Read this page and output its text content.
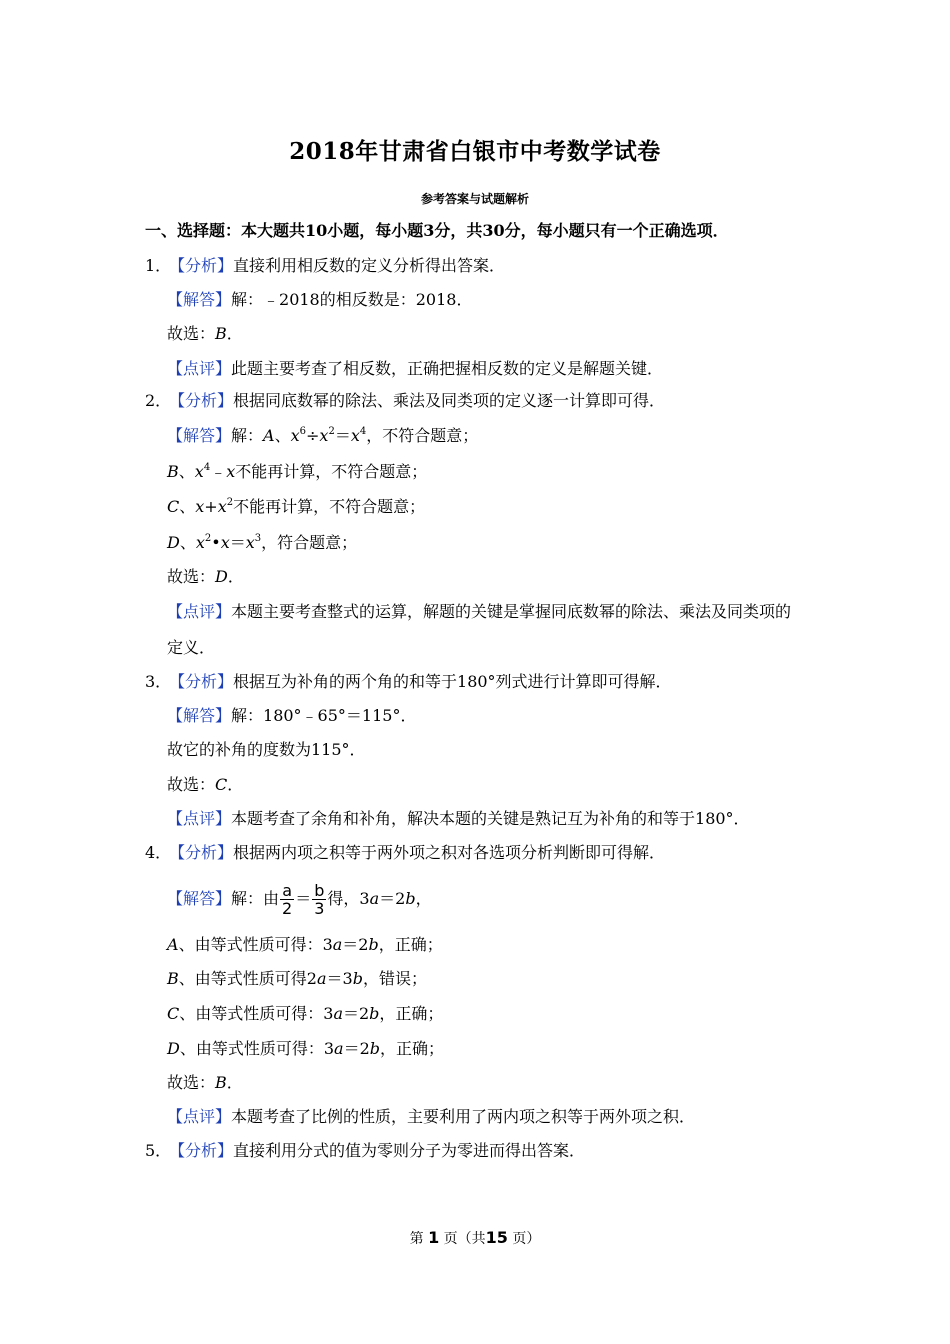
2018年甘肃省白银市中考数学试卷
参考答案与试题解析
一、选择题：本大题共10小题，每小题3分，共30分，每小题只有一个正确选项．
1．【分析】直接利用相反数的定义分析得出答案．
【解答】解：﹣2018的相反数是：2018．
故选：B．
【点评】此题主要考查了相反数，正确把握相反数的定义是解题关键．
2．【分析】根据同底数幂的除法、乘法及同类项的定义逐一计算即可得．
【解答】解：A、$x^6\div x^2=x^4$，不符合题意；
B、$x^4﹣x$不能再计算，不符合题意；
C、$x+x^2$不能再计算，不符合题意；
D、$x^2•x=x^3$，符合题意；
故选：D．
【点评】本题主要考查整式的运算，解题的关键是掌握同底数幂的除法、乘法及同类项的
定义．
3．【分析】根据互为补角的两个角的和等于180°列式进行计算即可得解．
【解答】解：180°﹣65°＝115°．
故它的补角的度数为115°．
故选：C．
【点评】本题考查了余角和补角，解决本题的关键是熟记互为补角的和等于180°．
4．【分析】根据两内项之积等于两外项之积对各选项分析判断即可得解．
【解答】解：由 $\frac{a}{2} = \frac{b}{3}$ 得，3a＝2b，
A、由等式性质可得：3a＝2b，正确；
B、由等式性质可得2a＝3b，错误；
C、由等式性质可得：3a＝2b，正确；
D、由等式性质可得：3a＝2b，正确；
故选：B．
【点评】本题考查了比例的性质，主要利用了两内项之积等于两外项之积．
5．【分析】直接利用分式的值为零则分子为零进而得出答案．
第 1 页（共15 页）
